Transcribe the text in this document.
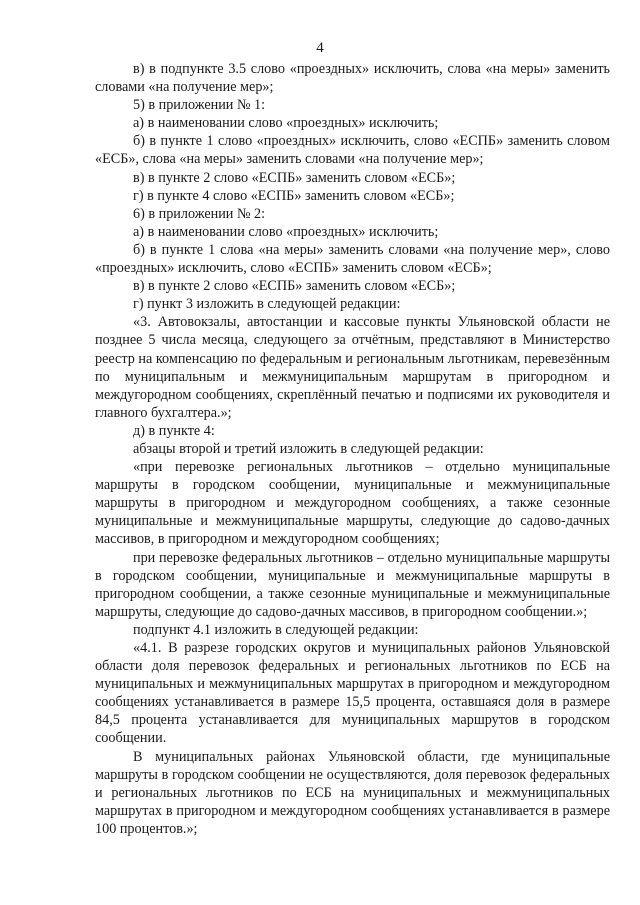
4

в) в подпункте 3.5 слово «проездных» исключить, слова «на меры» заменить словами «на получение мер»;

5) в приложении № 1:

а) в наименовании слово «проездных» исключить;

б) в пункте 1 слово «проездных» исключить, слово «ЕСПБ» заменить словом «ЕСБ», слова «на меры» заменить словами «на получение мер»;

в) в пункте 2 слово «ЕСПБ» заменить словом «ЕСБ»;

г) в пункте 4 слово «ЕСПБ» заменить словом «ЕСБ»;

6) в приложении № 2:

а) в наименовании слово «проездных» исключить;

б) в пункте 1 слова «на меры» заменить словами «на получение мер», слово «проездных» исключить, слово «ЕСПБ» заменить словом «ЕСБ»;

в) в пункте 2 слово «ЕСПБ» заменить словом «ЕСБ»;

г) пункт 3 изложить в следующей редакции:

«3. Автовокзалы, автостанции и кассовые пункты Ульяновской области не позднее 5 числа месяца, следующего за отчётным, представляют в Министерство реестр на компенсацию по федеральным и региональным льготникам, перевезённым по муниципальным и межмуниципальным маршрутам в пригородном и междугородном сообщениях, скреплённый печатью и подписями их руководителя и главного бухгалтера.»;

д) в пункте 4:

абзацы второй и третий изложить в следующей редакции:

«при перевозке региональных льготников – отдельно муниципальные маршруты в городском сообщении, муниципальные и межмуниципальные маршруты в пригородном и междугородном сообщениях, а также сезонные муниципальные и межмуниципальные маршруты, следующие до садово-дачных массивов, в пригородном и междугородном сообщениях;

при перевозке федеральных льготников – отдельно муниципальные маршруты в городском сообщении, муниципальные и межмуниципальные маршруты в пригородном сообщении, а также сезонные муниципальные и межмуниципальные маршруты, следующие до садово-дачных массивов, в пригородном сообщении.»;

подпункт 4.1 изложить в следующей редакции:

«4.1. В разрезе городских округов и муниципальных районов Ульяновской области доля перевозок федеральных и региональных льготников по ЕСБ на муниципальных и межмуниципальных маршрутах в пригородном и междугородном сообщениях устанавливается в размере 15,5 процента, оставшаяся доля в размере 84,5 процента устанавливается для муниципальных маршрутов в городском сообщении.

В муниципальных районах Ульяновской области, где муниципальные маршруты в городском сообщении не осуществляются, доля перевозок федеральных и региональных льготников по ЕСБ на муниципальных и межмуниципальных маршрутах в пригородном и междугородном сообщениях устанавливается в размере 100 процентов.»;
